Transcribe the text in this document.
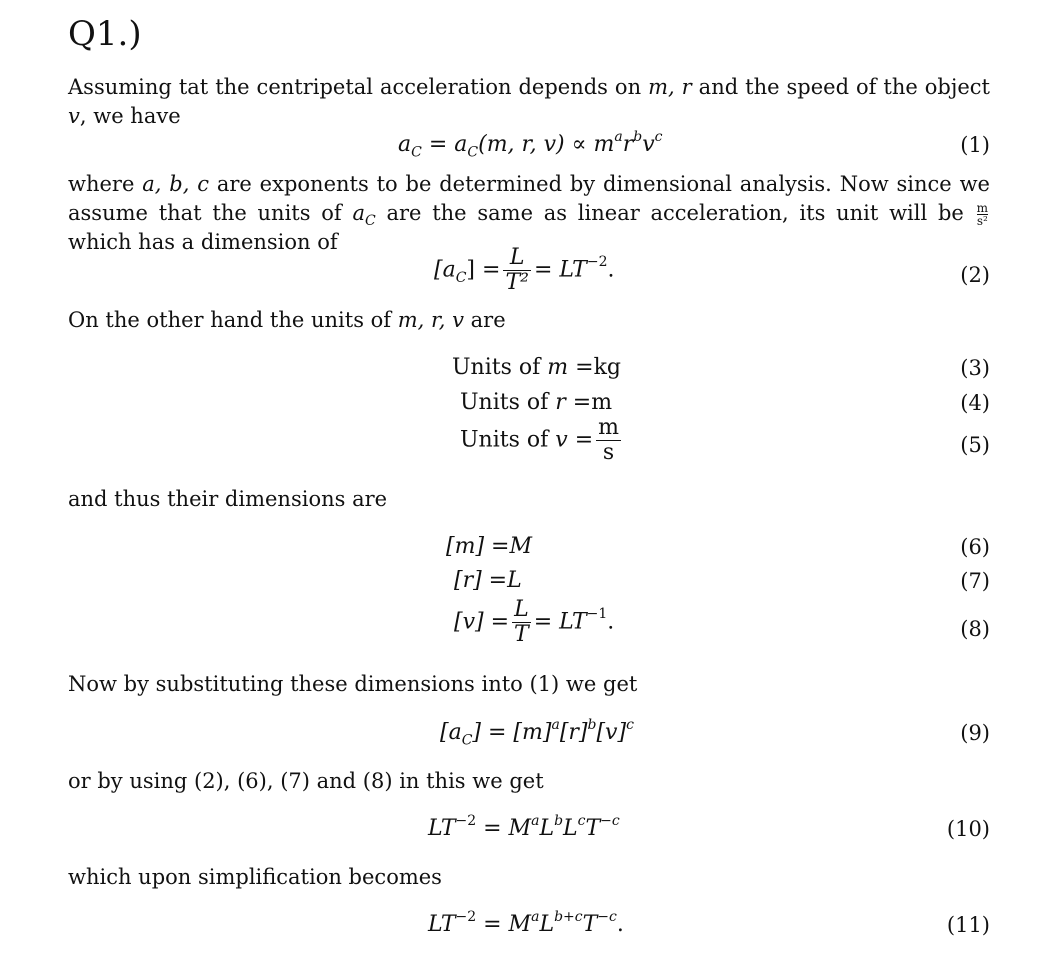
Q1.)
Assuming tat the centripetal acceleration depends on m, r and the speed of the object v, we have
$a_C = a_C(m$, r, $v) \propto m^ar^bv^c$	(1)
where a, b, c are exponents to be determined by dimensional analysis. Now since we assume that the units of $a_C$ are the same as linear acceleration, its unit will be $\frac{m}{\text{s²}}$
which has a dimension of
$[a_C] = \frac{L}{\text{T²}} = LT^{-2}$.	(2)
On the other hand the units of m, r, v are
Units of m =kg	(3)
Units of r =m	(4)
Units of $v = \frac{m}{s}$	(5)
and thus their dimensions are
[m] =M	(6)
[r] =L	(7)
$[v] = \frac{L}{T} = LT^{-1}$.	(8)
Now by substituting these dimensions into (1) we get
$[a_C] = [m]^a[r]^b[v]^c$	(9)
or by using (2), (6), (7) and (8) in this we get
$LT^{-2} = M^aL^bL^cT^{-c}$	(10)
which upon simplification becomes
$LT^{-2} = M^aL^{b+c}T^{-c}$.	(11)
